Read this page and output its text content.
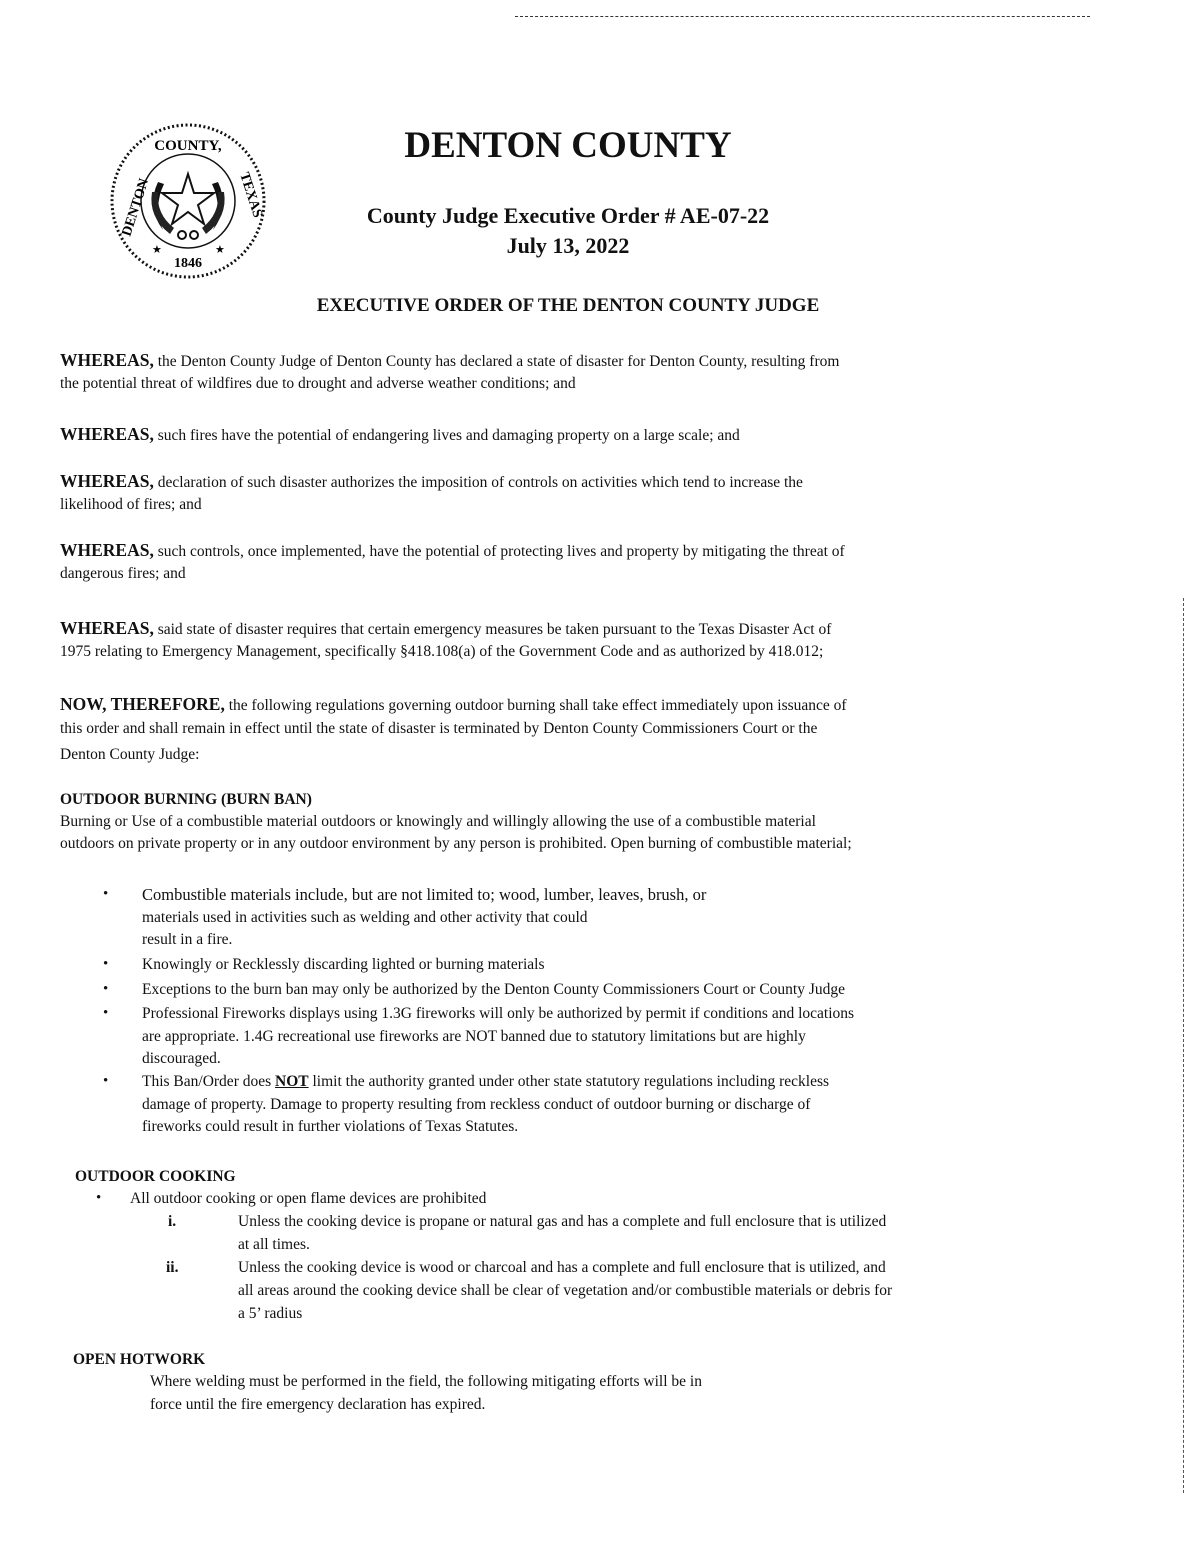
COUNTY,
DENTON	TEXAS
1846
★	★
DENTON COUNTY
County Judge Executive Order # AE-07-22
July 13, 2022
EXECUTIVE ORDER OF THE DENTON COUNTY JUDGE
WHEREAS, the Denton County Judge of Denton County has declared a state of disaster for Denton County, resulting from
the potential threat of wildfires due to drought and adverse weather conditions; and
WHEREAS, such fires have the potential of endangering lives and damaging property on a large scale; and
WHEREAS, declaration of such disaster authorizes the imposition of controls on activities which tend to increase the
likelihood of fires; and
WHEREAS, such controls, once implemented, have the potential of protecting lives and property by mitigating the threat of
dangerous fires; and
WHEREAS, said state of disaster requires that certain emergency measures be taken pursuant to the Texas Disaster Act of
1975 relating to Emergency Management, specifically §418.108(a) of the Government Code and as authorized by 418.012;
NOW, THEREFORE, the following regulations governing outdoor burning shall take effect immediately upon issuance of
this order and shall remain in effect until the state of disaster is terminated by Denton County Commissioners Court or the
Denton County Judge:
OUTDOOR BURNING (BURN BAN)
Burning or Use of a combustible material outdoors or knowingly and willingly allowing the use of a combustible material
outdoors on private property or in any outdoor environment by any person is prohibited. Open burning of combustible material;
• Combustible materials include, but are not limited to; wood, lumber, leaves, brush, or
materials used in activities such as welding and other activity that could
result in a fire.
• Knowingly or Recklessly discarding lighted or burning materials
• Exceptions to the burn ban may only be authorized by the Denton County Commissioners Court or County Judge
• Professional Fireworks displays using 1.3G fireworks will only be authorized by permit if conditions and locations
are appropriate. 1.4G recreational use fireworks are NOT banned due to statutory limitations but are highly
discouraged.
• This Ban/Order does NOT limit the authority granted under other state statutory regulations including reckless
damage of property. Damage to property resulting from reckless conduct of outdoor burning or discharge of
fireworks could result in further violations of Texas Statutes.
OUTDOOR COOKING
• All outdoor cooking or open flame devices are prohibited
i.	Unless the cooking device is propane or natural gas and has a complete and full enclosure that is utilized
at all times.
ii.	Unless the cooking device is wood or charcoal and has a complete and full enclosure that is utilized, and
all areas around the cooking device shall be clear of vegetation and/or combustible materials or debris for
a 5’ radius
OPEN HOTWORK
Where welding must be performed in the field, the following mitigating efforts will be in
force until the fire emergency declaration has expired.
